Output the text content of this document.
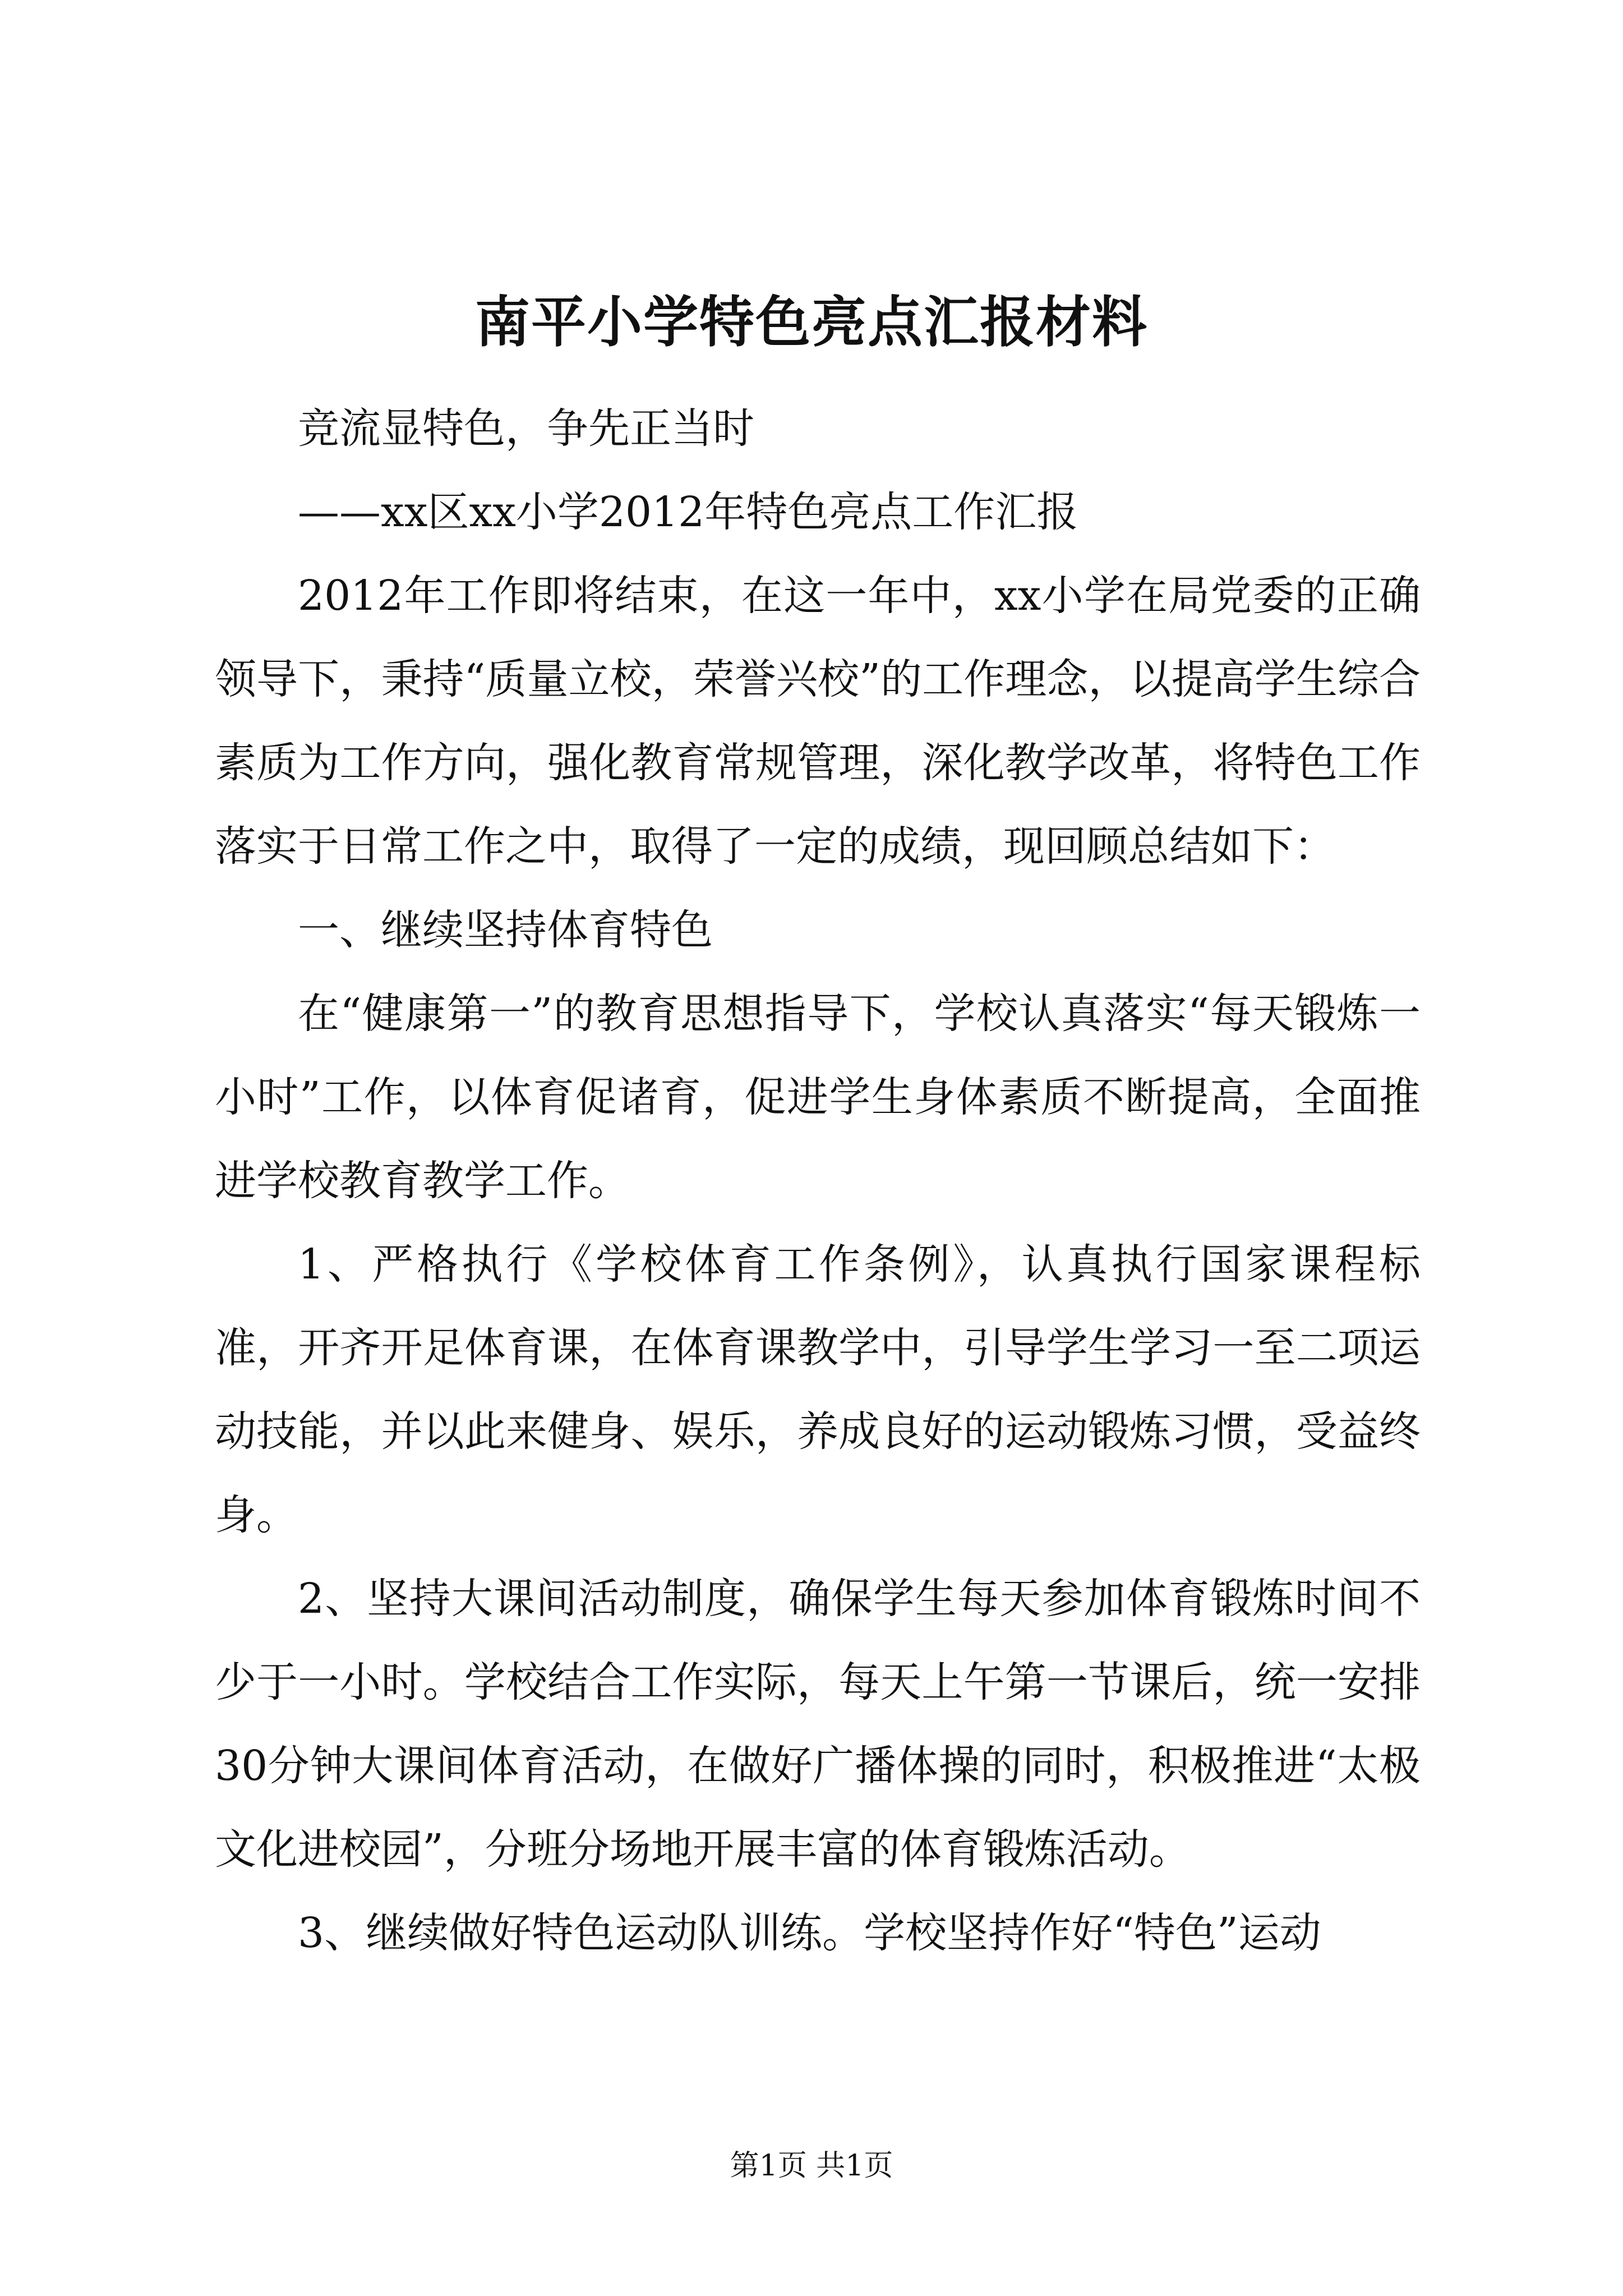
南平小学特色亮点汇报材料

竞流显特色，争先正当时

——xx区xx小学2012年特色亮点工作汇报

2012年工作即将结束，在这一年中，xx小学在局党委的正确领导下，秉持“质量立校，荣誉兴校”的工作理念，以提高学生综合素质为工作方向，强化教育常规管理，深化教学改革，将特色工作落实于日常工作之中，取得了一定的成绩，现回顾总结如下：

一、继续坚持体育特色

在“健康第一”的教育思想指导下，学校认真落实“每天锻炼一小时”工作，以体育促诸育，促进学生身体素质不断提高，全面推进学校教育教学工作。

1、严格执行《学校体育工作条例》，认真执行国家课程标准，开齐开足体育课，在体育课教学中，引导学生学习一至二项运动技能，并以此来健身、娱乐，养成良好的运动锻炼习惯，受益终身。

2、坚持大课间活动制度，确保学生每天参加体育锻炼时间不少于一小时。学校结合工作实际，每天上午第一节课后，统一安排30分钟大课间体育活动，在做好广播体操的同时，积极推进“太极文化进校园”，分班分场地开展丰富的体育锻炼活动。

3、继续做好特色运动队训练。学校坚持作好“特色”运动

第1页 共1页
